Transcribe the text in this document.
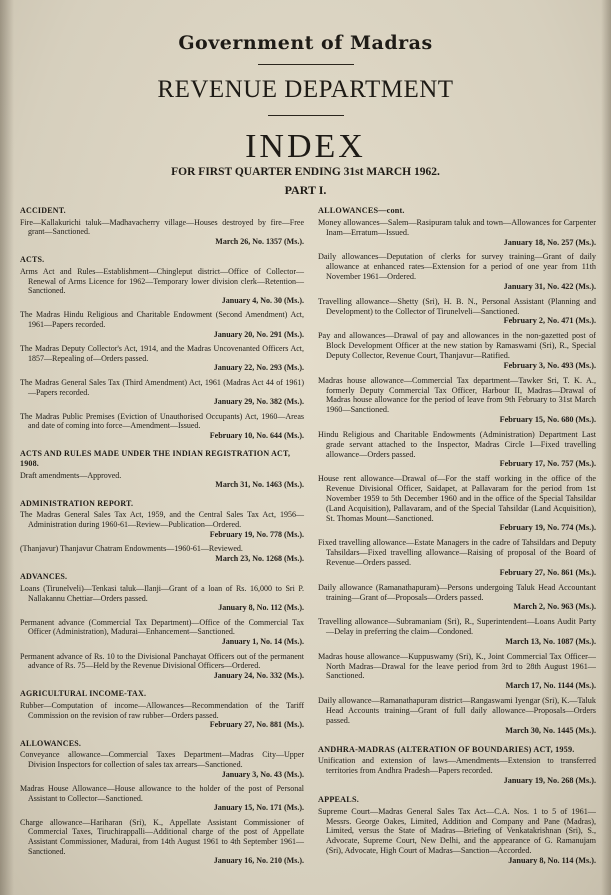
Government of Madras
REVENUE DEPARTMENT
INDEX
FOR FIRST QUARTER ENDING 31st MARCH 1962.
PART I.
ACCIDENT.
Fire—Kallakurichi taluk—Madhavacherry village—Houses destroyed by fire—Free grant—Sanctioned.
March 26, No. 1357 (Ms.).
ACTS.
Arms Act and Rules—Establishment—Chingleput district—Office of Collector—Renewal of Arms Licence for 1962—Temporary lower division clerk—Retention—Sanctioned.
January 4, No. 30 (Ms.).
The Madras Hindu Religious and Charitable Endowment (Second Amendment) Act, 1961—Papers recorded.
January 20, No. 291 (Ms.).
The Madras Deputy Collector's Act, 1914, and the Madras Uncovenanted Officers Act, 1857—Repealing of—Orders passed.
January 22, No. 293 (Ms.).
The Madras General Sales Tax (Third Amendment) Act, 1961 (Madras Act 44 of 1961)—Papers recorded.
January 29, No. 382 (Ms.).
The Madras Public Premises (Eviction of Unauthorised Occupants) Act, 1960—Areas and date of coming into force—Amendment—Issued.
February 10, No. 644 (Ms.).
ACTS AND RULES MADE UNDER THE INDIAN REGISTRATION ACT, 1908.
Draft amendments—Approved.
March 31, No. 1463 (Ms.).
ADMINISTRATION REPORT.
The Madras General Sales Tax Act, 1959, and the Central Sales Tax Act, 1956—Administration during 1960-61—Review—Publication—Ordered.
February 19, No. 778 (Ms.).
(Thanjavur) Thanjavur Chatram Endowments—1960-61—Reviewed.
March 23, No. 1268 (Ms.).
ADVANCES.
Loans (Tirunelveli)—Tenkasi taluk—Ilanji—Grant of a loan of Rs. 16,000 to Sri P. Nallakannu Chettiar—Orders passed.
January 8, No. 112 (Ms.).
Permanent advance (Commercial Tax Department)—Office of the Commercial Tax Officer (Administration), Madurai—Enhancement—Sanctioned.
January 1, No. 14 (Ms.).
Permanent advance of Rs. 10 to the Divisional Panchayat Officers out of the permanent advance of Rs. 75—Held by the Revenue Divisional Officers—Ordered.
January 24, No. 332 (Ms.).
AGRICULTURAL INCOME-TAX.
Rubber—Computation of income—Allowances—Recommendation of the Tariff Commission on the revision of raw rubber—Orders passed.
February 27, No. 881 (Ms.).
ALLOWANCES.
Conveyance allowance—Commercial Taxes Department—Madras City—Upper Division Inspectors for collection of sales tax arrears—Sanctioned.
January 3, No. 43 (Ms.).
Madras House Allowance—House allowance to the holder of the post of Personal Assistant to Collector—Sanctioned.
January 15, No. 171 (Ms.).
Charge allowance—Hariharan (Sri), K., Appellate Assistant Commissioner of Commercial Taxes, Tiruchirappalli—Additional charge of the post of Appellate Assistant Commissioner, Madurai, from 14th August 1961 to 4th September 1961—Sanctioned.
January 16, No. 210 (Ms.).
ALLOWANCES—cont.
Money allowances—Salem—Rasipuram taluk and town—Allowances for Carpenter Inam—Erratum—Issued.
January 18, No. 257 (Ms.).
Daily allowances—Deputation of clerks for survey training—Grant of daily allowance at enhanced rates—Extension for a period of one year from 11th November 1961—Ordered.
January 31, No. 422 (Ms.).
Travelling allowance—Shetty (Sri), H. B. N., Personal Assistant (Planning and Development) to the Collector of Tirunelveli—Sanctioned.
February 2, No. 471 (Ms.).
Pay and allowances—Drawal of pay and allowances in the non-gazetted post of Block Development Officer at the new station by Ramaswami (Sri), R., Special Deputy Collector, Revenue Court, Thanjavur—Ratified.
February 3, No. 493 (Ms.).
Madras house allowance—Commercial Tax department—Tawker Sri, T. K. A., formerly Deputy Commercial Tax Officer, Harbour II, Madras—Drawal of Madras house allowance for the period of leave from 9th February to 31st March 1960—Sanctioned.
February 15, No. 680 (Ms.).
Hindu Religious and Charitable Endowments (Administration) Department Last grade servant attached to the Inspector, Madras Circle I—Fixed travelling allowance—Orders passed.
February 17, No. 757 (Ms.).
House rent allowance—Drawal of—For the staff working in the office of the Revenue Divisional Officer, Saidapet, at Pallavaram for the period from 1st November 1959 to 5th December 1960 and in the office of the Special Tahsildar (Land Acquisition), Pallavaram, and of the Special Tahsildar (Land Acquisition), St. Thomas Mount—Sanctioned.
February 19, No. 774 (Ms.).
Fixed travelling allowance—Estate Managers in the cadre of Tahsildars and Deputy Tahsildars—Fixed travelling allowance—Raising of proposal of the Board of Revenue—Orders passed.
February 27, No. 861 (Ms.).
Daily allowance (Ramanathapuram)—Persons undergoing Taluk Head Accountant training—Grant of—Proposals—Orders passed.
March 2, No. 963 (Ms.).
Travelling allowance—Subramaniam (Sri), R., Superintendent—Loans Audit Party—Delay in preferring the claim—Condoned.
March 13, No. 1087 (Ms.).
Madras house allowance—Kuppuswamy (Sri), K., Joint Commercial Tax Officer—North Madras—Drawal for the leave period from 3rd to 28th August 1961—Sanctioned.
March 17, No. 1144 (Ms.).
Daily allowance—Ramanathapuram district—Rangaswami Iyengar (Sri), K.—Taluk Head Accounts training—Grant of full daily allowance—Proposals—Orders passed.
March 30, No. 1445 (Ms.).
ANDHRA-MADRAS (ALTERATION OF BOUNDARIES) ACT, 1959.
Unification and extension of laws—Amendments—Extension to transferred territories from Andhra Pradesh—Papers recorded.
January 19, No. 268 (Ms.).
APPEALS.
Supreme Court—Madras General Sales Tax Act—C.A. Nos. 1 to 5 of 1961—Messrs. George Oakes, Limited, Addition and Company and Pane (Madras), Limited, versus the State of Madras—Briefing of Venkatakrishnan (Sri), S., Advocate, Supreme Court, New Delhi, and the appearance of G. Ramanujam (Sri), Advocate, High Court of Madras—Sanction—Accorded.
January 8, No. 114 (Ms.).
